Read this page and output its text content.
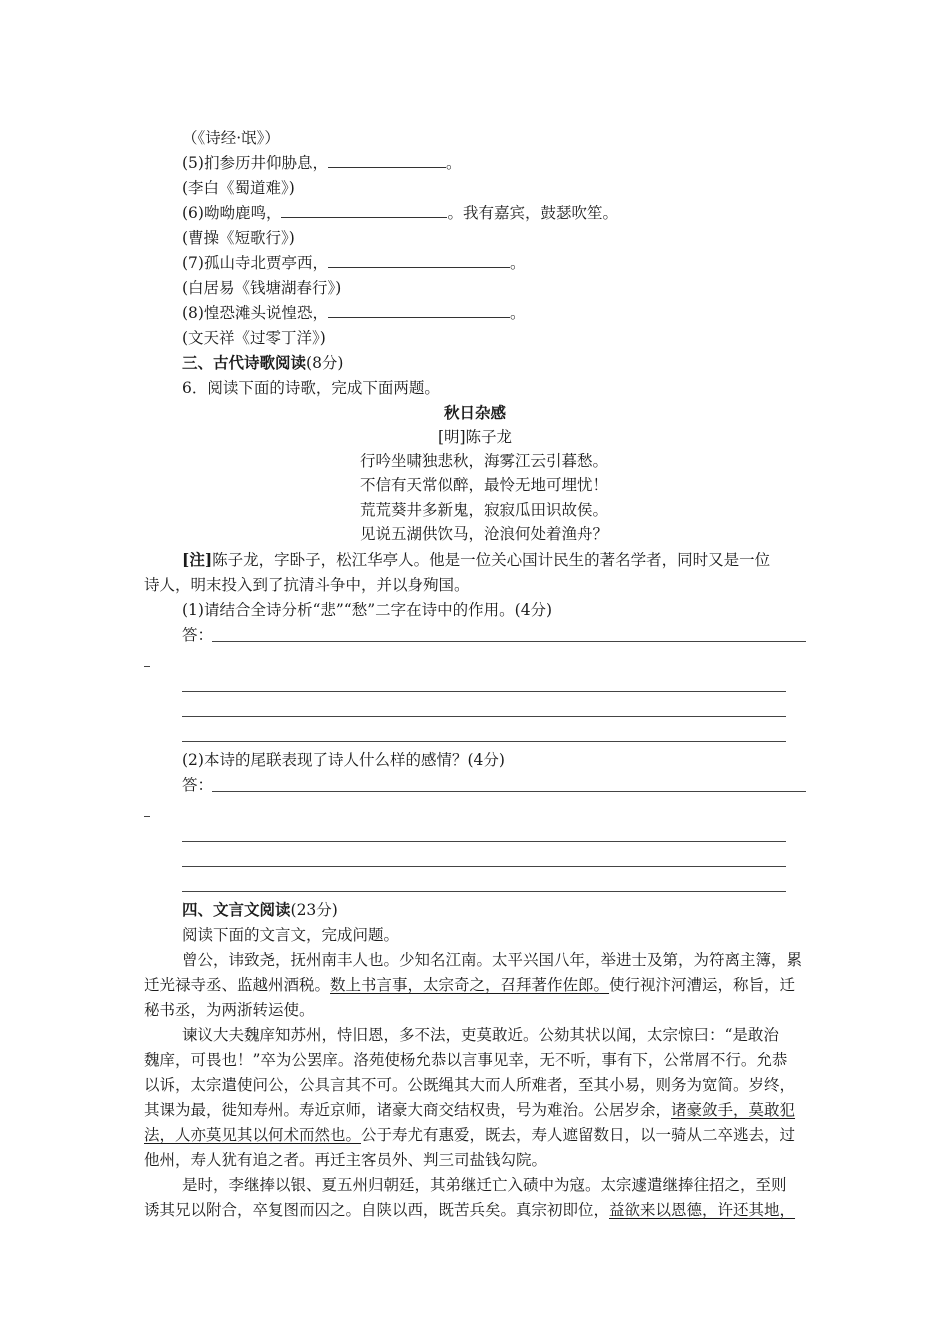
（《诗经·氓》）
(5)扪参历井仰胁息，	。
(李白《蜀道难》)
(6)呦呦鹿鸣，	。我有嘉宾，鼓瑟吹笙。
(曹操《短歌行》)
(7)孤山寺北贾亭西，	。
(白居易《钱塘湖春行》)
(8)惶恐滩头说惶恐，	。
(文天祥《过零丁洋》)
三、古代诗歌阅读(8分)
6．阅读下面的诗歌，完成下面两题。
秋日杂感
[明]陈子龙
行吟坐啸独悲秋，海雾江云引暮愁。
不信有天常似醉，最怜无地可埋忧！
荒荒葵井多新鬼，寂寂瓜田识故侯。
见说五湖供饮马，沧浪何处着渔舟？
[注]陈子龙，字卧子，松江华亭人。他是一位关心国计民生的著名学者，同时又是一位
诗人，明末投入到了抗清斗争中，并以身殉国。
(1)请结合全诗分析“悲”“愁”二字在诗中的作用。(4分)
答：
(2)本诗的尾联表现了诗人什么样的感情？(4分)
答：
四、文言文阅读(23分)
阅读下面的文言文，完成问题。
曾公，讳致尧，抚州南丰人也。少知名江南。太平兴国八年，举进士及第，为符离主簿，累
迁光禄寺丞、监越州酒税。数上书言事，太宗奇之，召拜著作佐郎。使行视汴河漕运，称旨，迁
秘书丞，为两浙转运使。
谏议大夫魏庠知苏州，恃旧恩，多不法，吏莫敢近。公劾其状以闻，太宗惊曰：“是敢治
魏庠，可畏也！”卒为公罢庠。洛苑使杨允恭以言事见幸，无不听，事有下，公常屑不行。允恭
以诉，太宗遣使问公，公具言其不可。公既绳其大而人所难者，至其小易，则务为宽简。岁终，
其课为最，徙知寿州。寿近京师，诸豪大商交结权贵，号为难治。公居岁余，诸豪敛手，莫敢犯
法，人亦莫见其以何术而然也。公于寿尤有惠爱，既去，寿人遮留数日，以一骑从二卒逃去，过
他州，寿人犹有追之者。再迁主客员外、判三司盐钱勾院。
是时，李继捧以银、夏五州归朝廷，其弟继迁亡入碛中为寇。太宗遽遣继捧往招之，至则
诱其兄以附合，卒复图而囚之。自陕以西，既苦兵矣。真宗初即位，益欲来以恩德，许还其地，
